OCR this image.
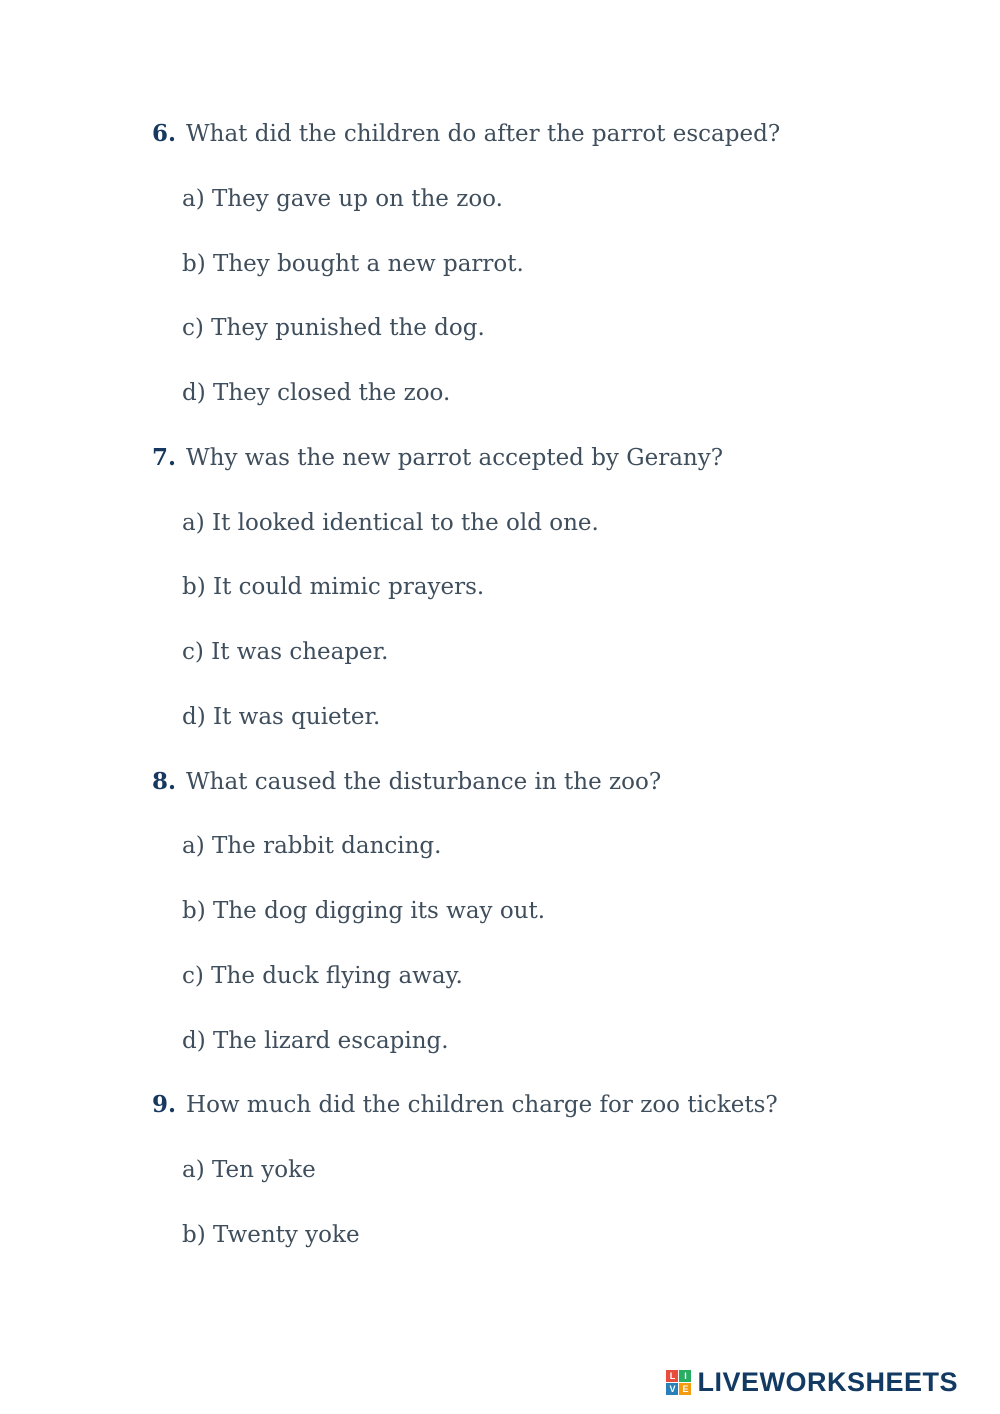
6. What did the children do after the parrot escaped?

a) They gave up on the zoo.

b) They bought a new parrot.

c) They punished the dog.

d) They closed the zoo.

7. Why was the new parrot accepted by Gerany?

a) It looked identical to the old one.

b) It could mimic prayers.

c) It was cheaper.

d) It was quieter.

8. What caused the disturbance in the zoo?

a) The rabbit dancing.

b) The dog digging its way out.

c) The duck flying away.

d) The lizard escaping.

9. How much did the children charge for zoo tickets?

a) Ten yoke

b) Twenty yoke

L I
V E LIVEWORKSHEETS
